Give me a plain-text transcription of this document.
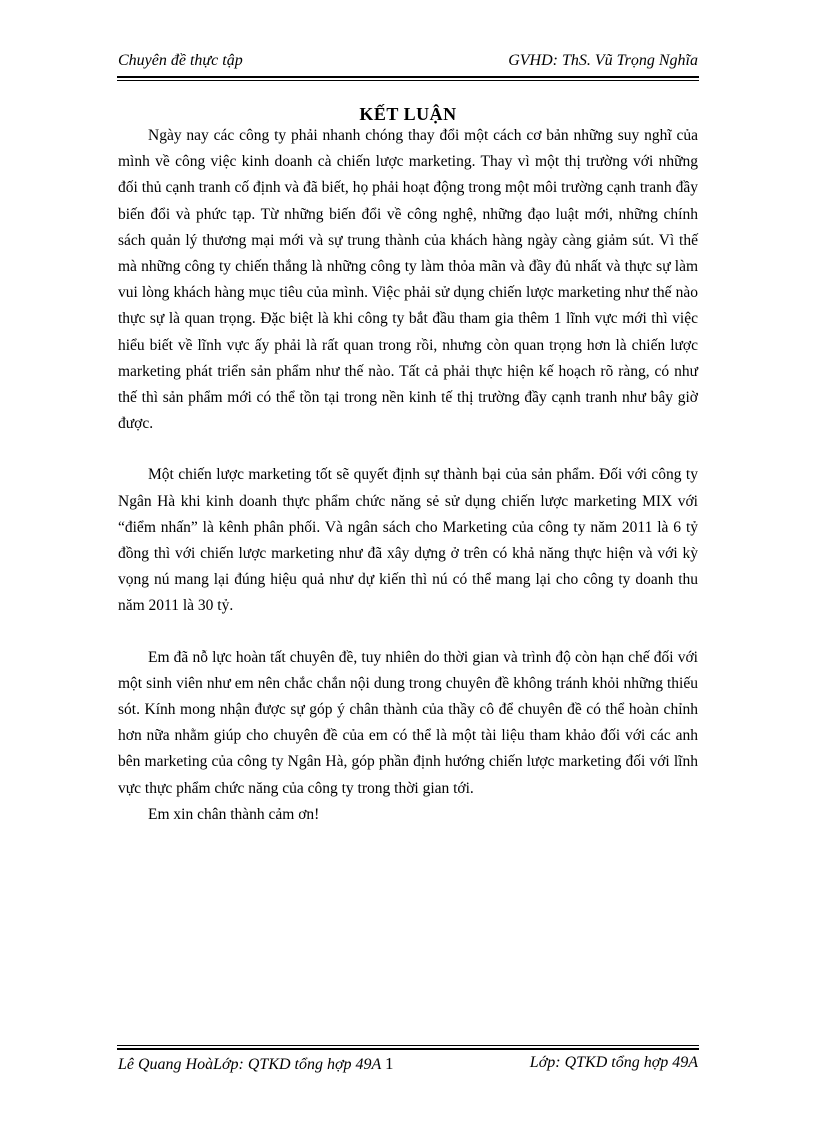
Chuyên đề thực tập	GVHD: ThS. Vũ Trọng Nghĩa
KẾT LUẬN

Ngày nay các công ty phải nhanh chóng thay đổi một cách cơ bản những suy nghĩ của mình về công việc kinh doanh cà chiến lược marketing. Thay vì một thị trường với những đối thủ cạnh tranh cố định và đã biết, họ phải hoạt động trong một môi trường cạnh tranh đầy biến đổi và phức tạp. Từ những biến đổi về công nghệ, những đạo luật mới, những chính sách quản lý thương mại mới và sự trung thành của khách hàng ngày càng giảm sút. Vì thế mà những công ty chiến thắng là những công ty làm thỏa mãn và đầy đủ nhất và thực sự làm vui lòng khách hàng mục tiêu của mình. Việc phải sử dụng chiến lược marketing như thế nào thực sự là quan trọng. Đặc biệt là khi công ty bắt đầu tham gia thêm 1 lĩnh vực mới thì việc hiểu biết về lĩnh vực ấy phải là rất quan trong rồi, nhưng còn quan trọng hơn là chiến lược marketing phát triển sản phẩm như thế nào. Tất cả phải thực hiện kế hoạch rõ ràng, có như thế thì sản phẩm mới có thể tồn tại trong nền kinh tế thị trường đầy cạnh tranh như bây giờ được.

Một chiến lược marketing tốt sẽ quyết định sự thành bại của sản phẩm. Đối với công ty Ngân Hà khi kinh doanh thực phẩm chức năng sẻ sử dụng chiến lược marketing MIX với “điểm nhấn” là kênh phân phối. Và ngân sách cho Marketing của công ty năm 2011 là 6 tỷ đồng thì với chiến lược marketing như đã xây dựng ở trên có khả năng thực hiện và với kỳ vọng nú mang lại đúng hiệu quả như dự kiến thì nú có thể mang lại cho công ty doanh thu năm 2011 là 30 tỷ.

Em đã nỗ lực hoàn tất chuyên đề, tuy nhiên do thời gian và trình độ còn hạn chế đối với một sinh viên như em nên chắc chắn nội dung trong chuyên đề không tránh khỏi những thiếu sót. Kính mong nhận được sự góp ý chân thành của thầy cô để chuyên đề có thể hoàn chỉnh hơn nữa nhằm giúp cho chuyên đề của em có thể là một tài liệu tham khảo đối với các anh bên marketing của công ty Ngân Hà, góp phần định hướng chiến lược marketing đối với lĩnh vực thực phẩm chức năng của công ty trong thời gian tới.

Em xin chân thành cảm ơn!

Lê Quang HoàLớp: QTKD tổng hợp 49A 1	Lớp: QTKD tổng hợp 49A
